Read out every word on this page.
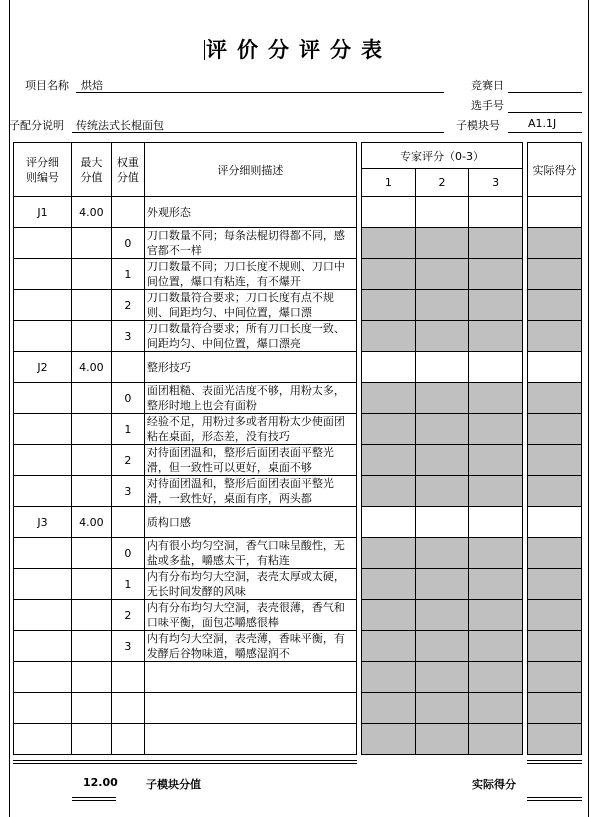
评价分评分表
项目名称 烘焙	竞赛日
选手号
子配分说明 传统法式长棍面包	子模块号	A1.1J
评分细则编号	最大分值	权重分值	评分细则描述

J1	4.00		外观形态

		0	刀口数量不同；每条法棍切得都不同，感官都不一样

		1	刀口数量不同；刀口长度不规则、刀口中间位置，爆口有粘连，有不爆开

		2	刀口数量符合要求；刀口长度有点不规则、间距均匀、中间位置，爆口漂

		3	刀口数量符合要求；所有刀口长度一致、间距均匀、中间位置，爆口漂亮

J2	4.00		整形技巧

		0	面团粗糙、表面光洁度不够，用粉太多，整形时地上也会有面粉

		1	经验不足，用粉过多或者用粉太少使面团粘在桌面，形态差，没有技巧

		2	对待面团温和，整形后面团表面平整光滑，但一致性可以更好，桌面不够

		3	对待面团温和，整形后面团表面平整光滑，一致性好，桌面有序，两头都

J3	4.00		质构口感

		0	内有很小均匀空洞，香气口味呈酸性，无盐或多盐，嚼感太干，有粘连

		1	内有分布均匀大空洞，表壳太厚或太硬，无长时间发酵的风味

		2	内有分布均匀大空洞，表壳很薄，香气和口味平衡，面包芯嚼感很棒

		3	内有均匀大空洞，表壳薄，香味平衡，有发酵后谷物味道，嚼感湿润不

专家评分（0-3）		

1	2	3

实际得分

12.00	子模块分值	实际得分
